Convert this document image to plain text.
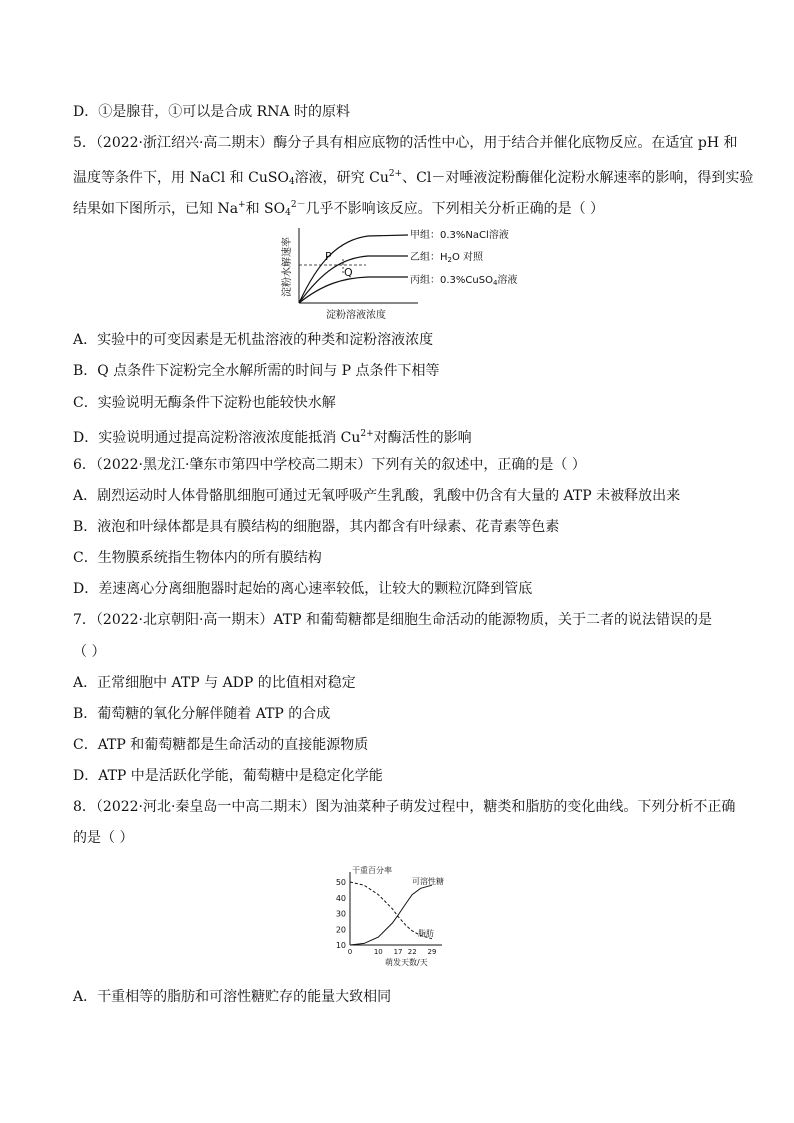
D．①是腺苷，①可以是合成 RNA 时的原料
5．（2022·浙江绍兴·高二期末）酶分子具有相应底物的活性中心，用于结合并催化底物反应。在适宜 pH 和
温度等条件下，用 NaCl 和 CuSO$_4$溶液，研究 $Cu^{2+}$、Cl－对唾液淀粉酶催化淀粉水解速率的影响，得到实验
结果如下图所示，已知 Na+和 $SO_4^{2-}$几乎不影响该反应。下列相关分析正确的是（ ）
淀粉水解速率	P
Q
甲组：0.3%NaCl溶液
乙组：$H_2O$ 对照
丙组：0.3%CuSO$_4$溶液
淀粉溶液浓度
A．实验中的可变因素是无机盐溶液的种类和淀粉溶液浓度
B．Q 点条件下淀粉完全水解所需的时间与 P 点条件下相等
C．实验说明无酶条件下淀粉也能较快水解
D．实验说明通过提高淀粉溶液浓度能抵消 $Cu^{2+}$对酶活性的影响
6．（2022·黑龙江·肇东市第四中学校高二期末）下列有关的叙述中，正确的是（ ）
A．剧烈运动时人体骨骼肌细胞可通过无氧呼吸产生乳酸，乳酸中仍含有大量的 ATP 未被释放出来
B．液泡和叶绿体都是具有膜结构的细胞器，其内都含有叶绿素、花青素等色素
C．生物膜系统指生物体内的所有膜结构
D．差速离心分离细胞器时起始的离心速率较低，让较大的颗粒沉降到管底
7．（2022·北京朝阳·高一期末）ATP 和葡萄糖都是细胞生命活动的能源物质，关于二者的说法错误的是
（ ）
A．正常细胞中 ATP 与 ADP 的比值相对稳定
B．葡萄糖的氧化分解伴随着 ATP 的合成
C．ATP 和葡萄糖都是生命活动的直接能源物质
D．ATP 中是活跃化学能，葡萄糖中是稳定化学能
8．（2022·河北·秦皇岛一中高二期末）图为油菜种子萌发过程中，糖类和脂肪的变化曲线。下列分析不正确
的是（ ）
10
20
30
40
50
0	10 17 22 29
干重百分率
可溶性糖
脂肪
萌发天数/天
A．干重相等的脂肪和可溶性糖贮存的能量大致相同
